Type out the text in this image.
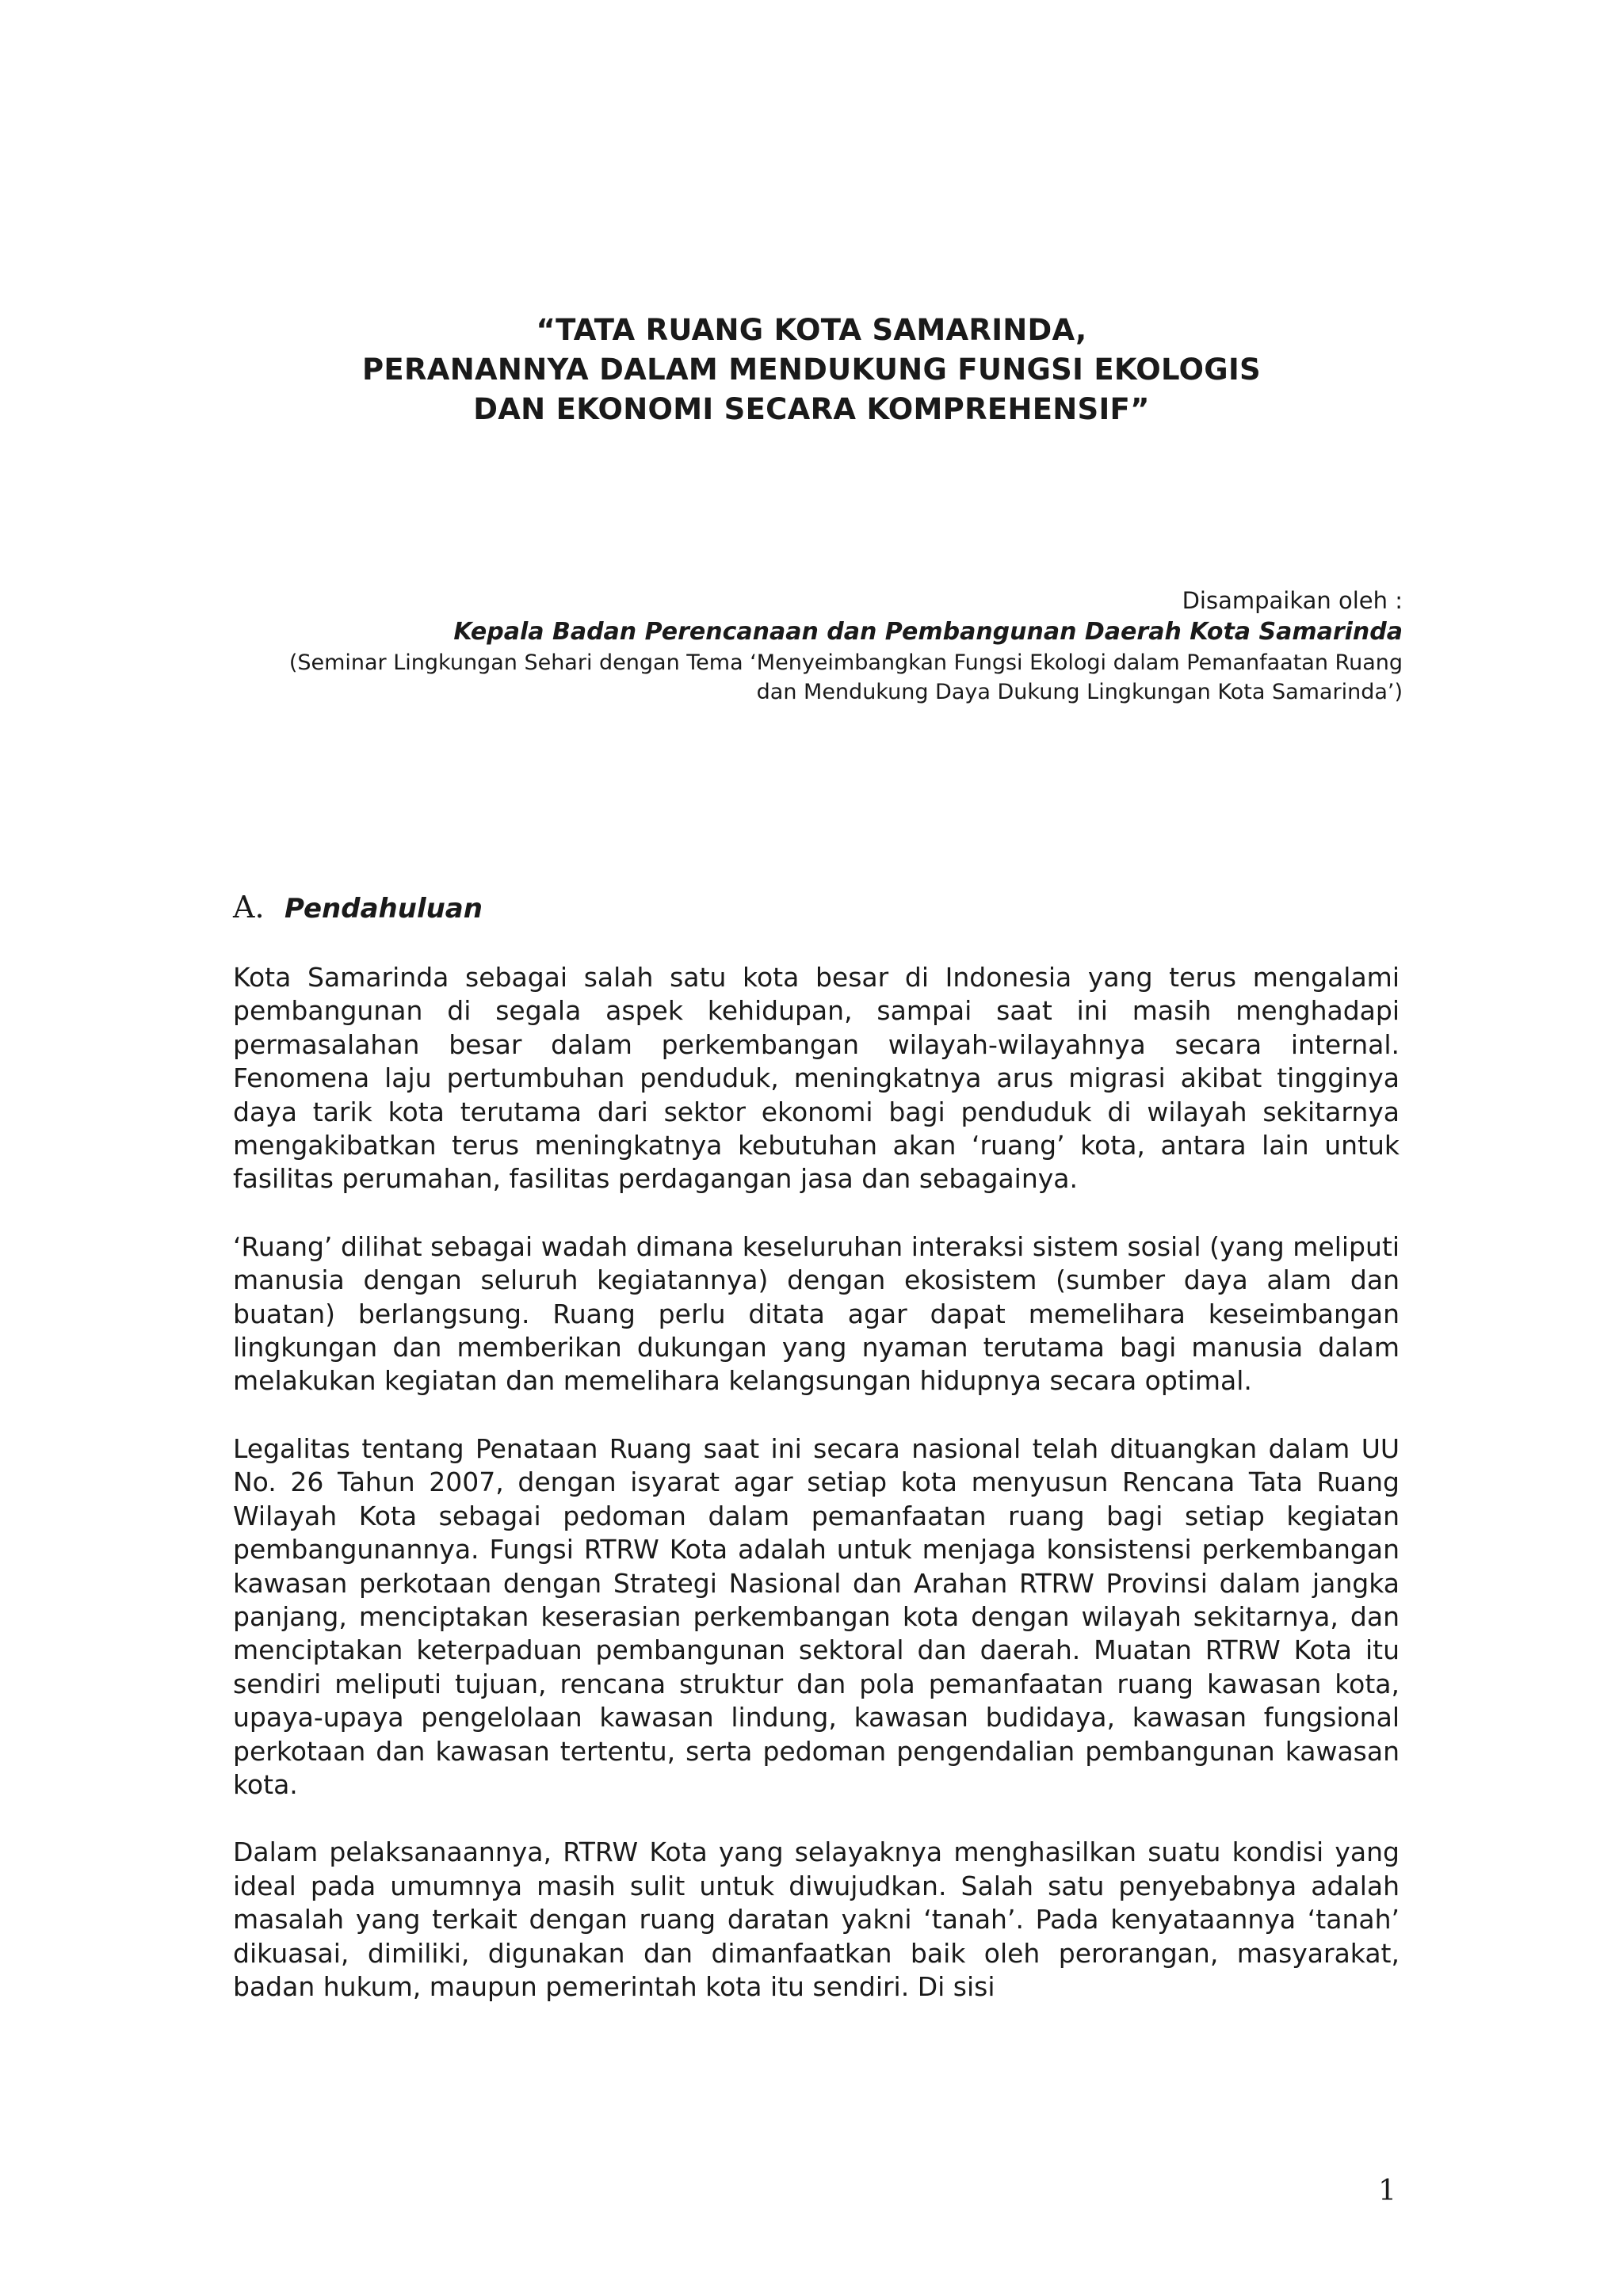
“TATA RUANG KOTA SAMARINDA,
PERANANNYA DALAM MENDUKUNG FUNGSI EKOLOGIS
DAN EKONOMI SECARA KOMPREHENSIF”
Disampaikan oleh :
Kepala Badan Perencanaan dan Pembangunan Daerah Kota Samarinda
(Seminar Lingkungan Sehari dengan Tema ‘Menyeimbangkan Fungsi Ekologi dalam Pemanfaatan Ruang
dan Mendukung Daya Dukung Lingkungan Kota Samarinda’)
A. Pendahuluan

Kota Samarinda sebagai salah satu kota besar di Indonesia yang terus mengalami pembangunan di segala aspek kehidupan, sampai saat ini masih menghadapi permasalahan besar dalam perkembangan wilayah-wilayahnya secara internal. Fenomena laju pertumbuhan penduduk, meningkatnya arus migrasi akibat tingginya daya tarik kota terutama dari sektor ekonomi bagi penduduk di wilayah sekitarnya mengakibatkan terus meningkatnya kebutuhan akan ‘ruang’ kota, antara lain untuk fasilitas perumahan, fasilitas perdagangan jasa dan sebagainya.

‘Ruang’ dilihat sebagai wadah dimana keseluruhan interaksi sistem sosial (yang meliputi manusia dengan seluruh kegiatannya) dengan ekosistem (sumber daya alam dan buatan) berlangsung. Ruang perlu ditata agar dapat memelihara keseimbangan lingkungan dan memberikan dukungan yang nyaman terutama bagi manusia dalam melakukan kegiatan dan memelihara kelangsungan hidupnya secara optimal.

Legalitas tentang Penataan Ruang saat ini secara nasional telah dituangkan dalam UU No. 26 Tahun 2007, dengan isyarat agar setiap kota menyusun Rencana Tata Ruang Wilayah Kota sebagai pedoman dalam pemanfaatan ruang bagi setiap kegiatan pembangunannya. Fungsi RTRW Kota adalah untuk menjaga konsistensi perkembangan kawasan perkotaan dengan Strategi Nasional dan Arahan RTRW Provinsi dalam jangka panjang, menciptakan keserasian perkembangan kota dengan wilayah sekitarnya, dan menciptakan keterpaduan pembangunan sektoral dan daerah. Muatan RTRW Kota itu sendiri meliputi tujuan, rencana struktur dan pola pemanfaatan ruang kawasan kota, upaya-upaya pengelolaan kawasan lindung, kawasan budidaya, kawasan fungsional perkotaan dan kawasan tertentu, serta pedoman pengendalian pembangunan kawasan kota.

Dalam pelaksanaannya, RTRW Kota yang selayaknya menghasilkan suatu kondisi yang ideal pada umumnya masih sulit untuk diwujudkan. Salah satu penyebabnya adalah masalah yang terkait dengan ruang daratan yakni ‘tanah’. Pada kenyataannya ‘tanah’ dikuasai, dimiliki, digunakan dan dimanfaatkan baik oleh perorangan, masyarakat, badan hukum, maupun pemerintah kota itu sendiri. Di sisi

1
